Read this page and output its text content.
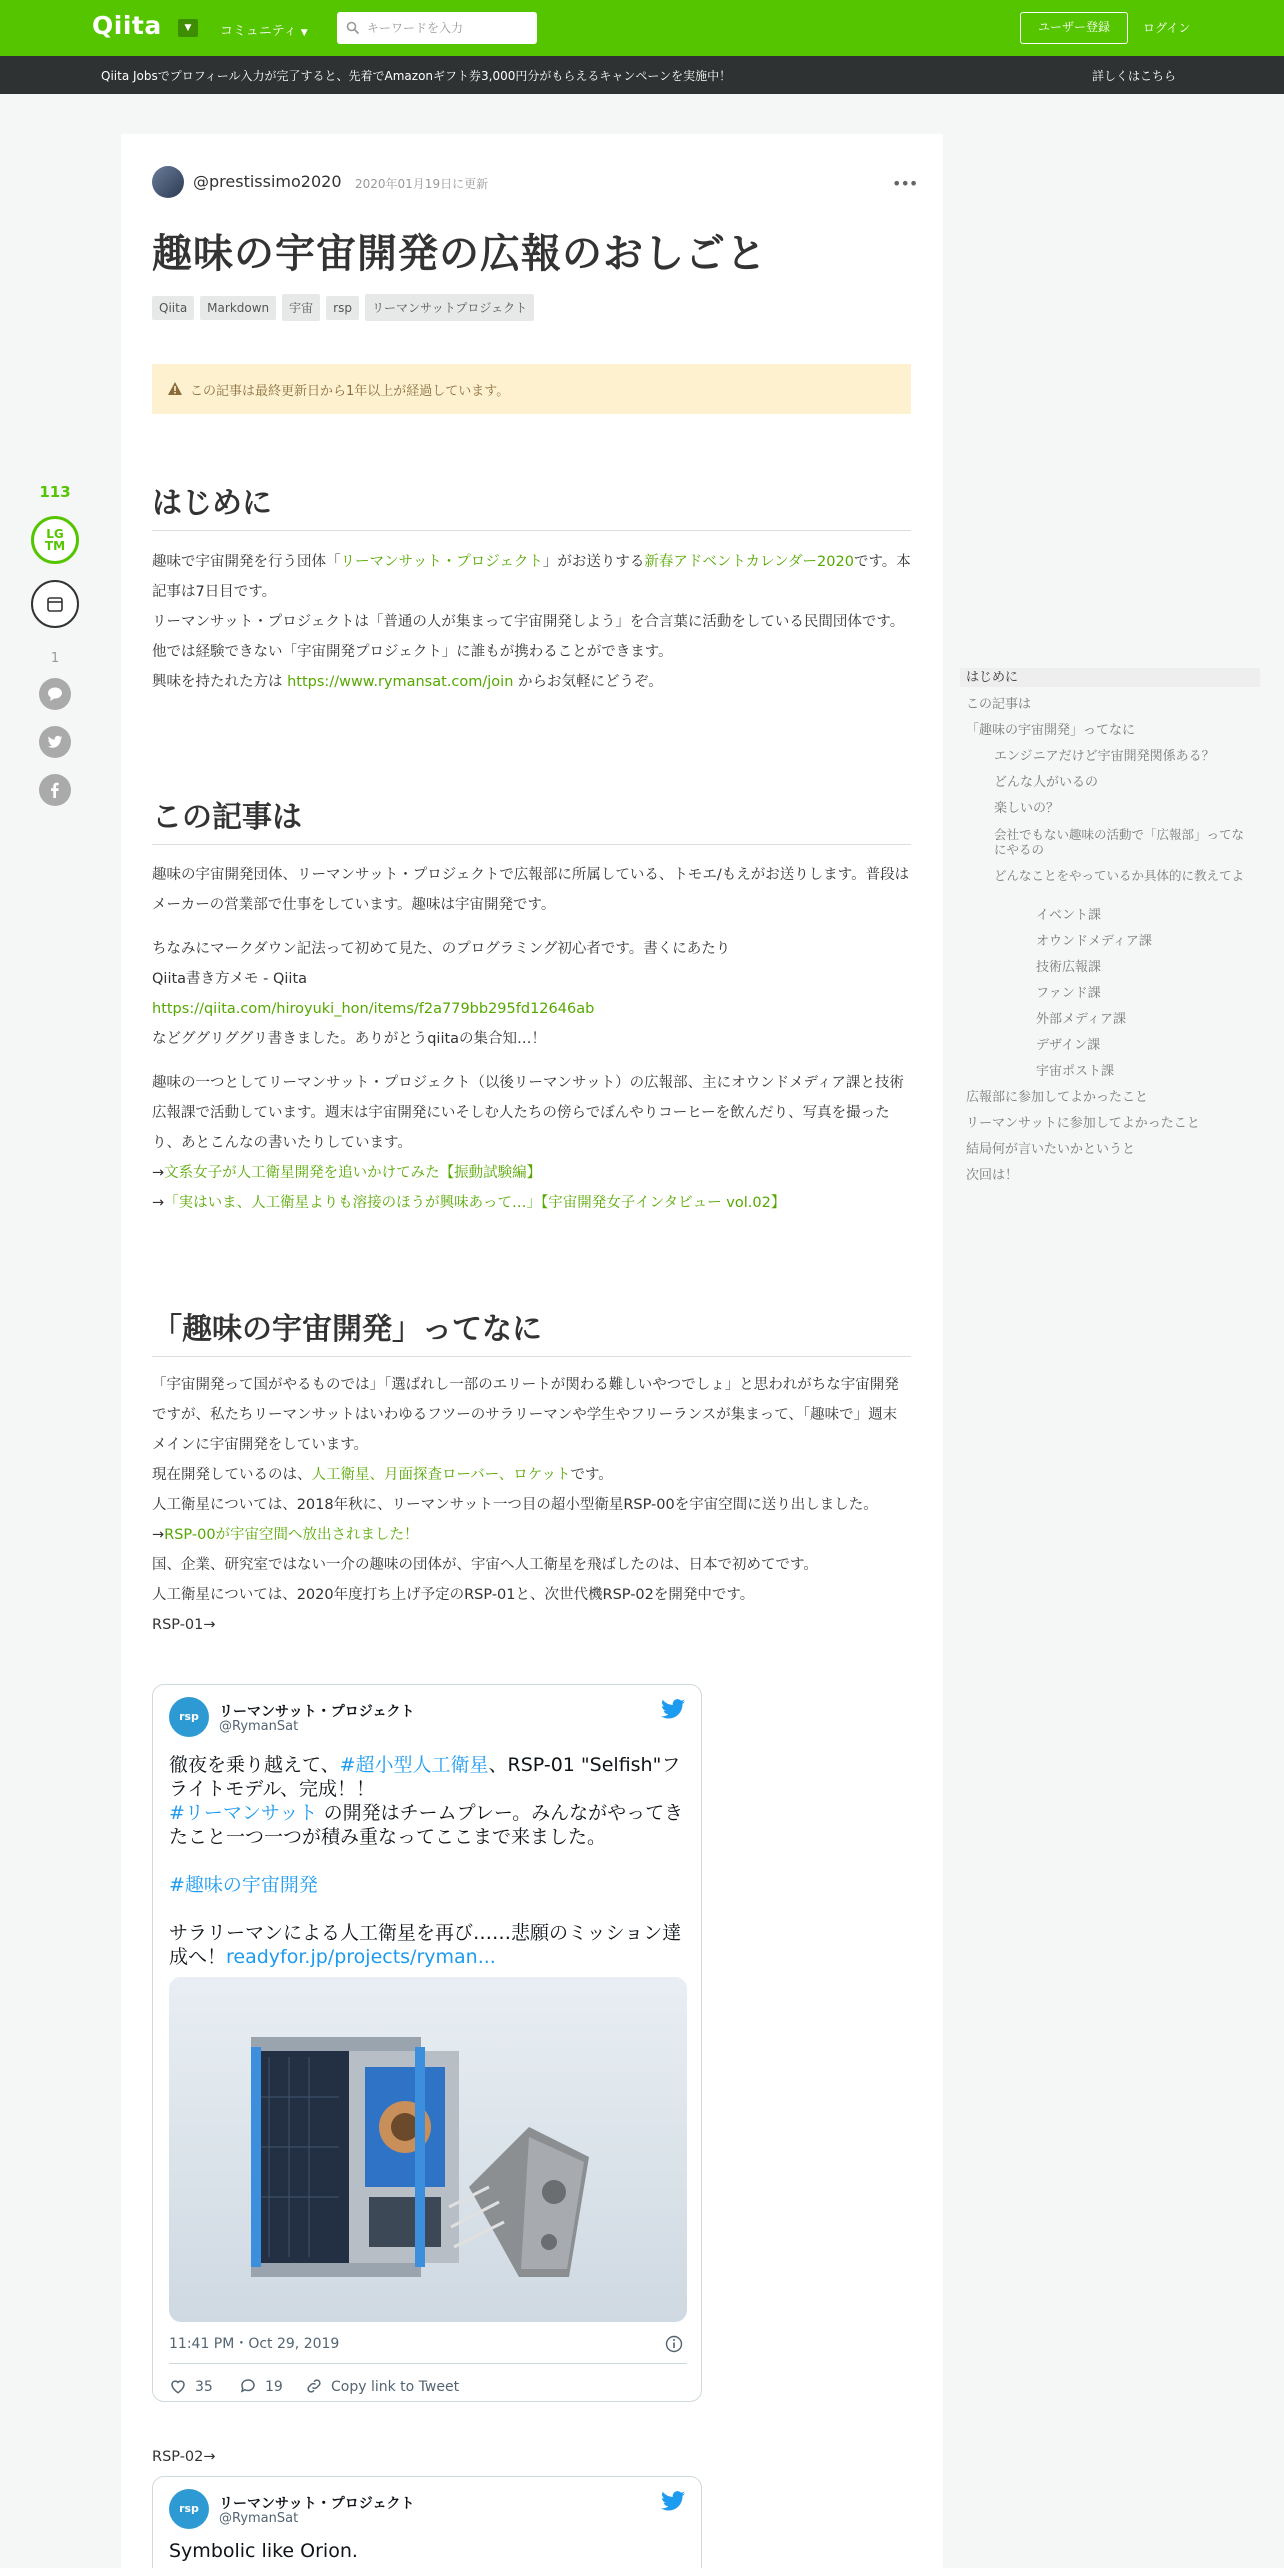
Qiita	▼	コミュニティ ▼
キーワードを入力	ユーザー登録	ログイン
Qiita Jobsでプロフィール入力が完了すると、先着でAmazonギフト券3,000円分がもらえるキャンペーンを実施中！	詳しくはこちら
113
LG
TM
1
@prestissimo2020 2020年01月19日に更新	•••
趣味の宇宙開発の広報のおしごと
Qiita Markdown 宇宙 rsp リーマンサットプロジェクト
この記事は最終更新日から1年以上が経過しています。
はじめに

趣味で宇宙開発を行う団体「リーマンサット・プロジェクト」がお送りする新春アドベントカレンダー2020です。本記事は7日目です。

リーマンサット・プロジェクトは「普通の人が集まって宇宙開発しよう」を合言葉に活動をしている民間団体です。

他では経験できない「宇宙開発プロジェクト」に誰もが携わることができます。

興味を持たれた方は https://www.rymansat.com/join からお気軽にどうぞ。

この記事は

趣味の宇宙開発団体、リーマンサット・プロジェクトで広報部に所属している、トモエ/もえがお送りします。普段はメーカーの営業部で仕事をしています。趣味は宇宙開発です。

ちなみにマークダウン記法って初めて見た、のプログラミング初心者です。書くにあたり

Qiita書き方メモ - Qiita

https://qiita.com/hiroyuki_hon/items/f2a779bb295fd12646ab

などググリググリ書きました。ありがとうqiitaの集合知…！

趣味の一つとしてリーマンサット・プロジェクト（以後リーマンサット）の広報部、主にオウンドメディア課と技術広報課で活動しています。週末は宇宙開発にいそしむ人たちの傍らでぼんやりコーヒーを飲んだり、写真を撮ったり、あとこんなの書いたりしています。

→文系女子が人工衛星開発を追いかけてみた【振動試験編】

→「実はいま、人工衛星よりも溶接のほうが興味あって…」【宇宙開発女子インタビュー vol.02】

「趣味の宇宙開発」ってなに

「宇宙開発って国がやるものでは」「選ばれし一部のエリートが関わる難しいやつでしょ」と思われがちな宇宙開発ですが、私たちリーマンサットはいわゆるフツーのサラリーマンや学生やフリーランスが集まって、「趣味で」週末メインに宇宙開発をしています。

現在開発しているのは、人工衛星、月面探査ローバー、ロケットです。

人工衛星については、2018年秋に、リーマンサット一つ目の超小型衛星RSP-00を宇宙空間に送り出しました。

→RSP-00が宇宙空間へ放出されました！

国、企業、研究室ではない一介の趣味の団体が、宇宙へ人工衛星を飛ばしたのは、日本で初めてです。

人工衛星については、2020年度打ち上げ予定のRSP-01と、次世代機RSP-02を開発中です。

RSP-01→

rsp	リーマンサット・プロジェクト
@RymanSat

徹夜を乗り越えて、#超小型人工衛星、RSP-01 "Selfish"フライトモデル、完成！！

#リーマンサット の開発はチームプレー。みんながやってきたこと一つ一つが積み重なってここまで来ました。

#趣味の宇宙開発

サラリーマンによる人工衛星を再び……悲願のミッション達成へ！readyfor.jp/projects/ryman...

11:41 PM・Oct 29, 2019
35	19	Copy link to Tweet
RSP-02→
rsp	リーマンサット・プロジェクト
@RymanSat
Symbolic like Orion.
はじめに
この記事は
「趣味の宇宙開発」ってなに
エンジニアだけど宇宙開発関係ある？
どんな人がいるの
楽しいの？
会社でもない趣味の活動で「広報部」ってなにやるの
どんなことをやっているか具体的に教えてよ
イベント課
オウンドメディア課
技術広報課
ファンド課
外部メディア課
デザイン課
宇宙ポスト課
広報部に参加してよかったこと
リーマンサットに参加してよかったこと
結局何が言いたいかというと
次回は！
